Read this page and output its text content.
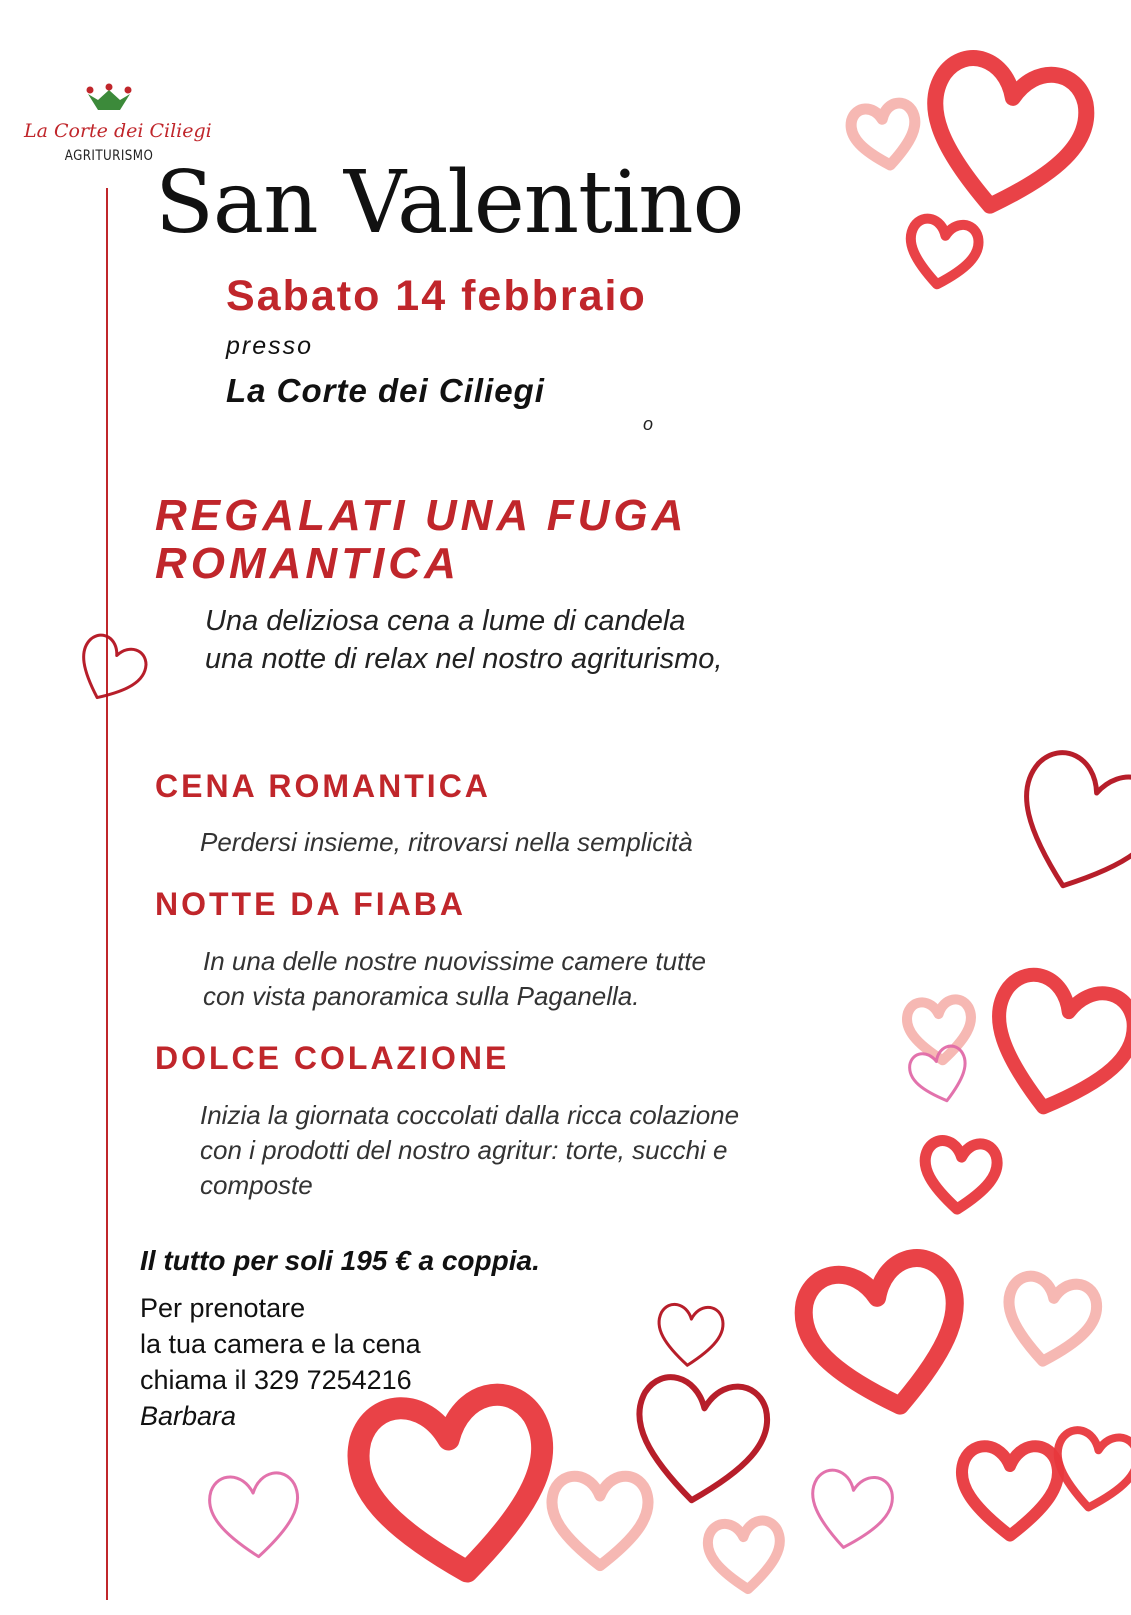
La Corte dei Ciliegi
AGRITURISMO San Valentino
Sabato 14 febbraio
presso
La Corte dei Ciliegi
o
REGALATI UNA FUGA
ROMANTICA
Una deliziosa cena a lume di candela
una notte di relax nel nostro agriturismo,
CENA ROMANTICA
Perdersi insieme, ritrovarsi nella semplicità
NOTTE DA FIABA
In una delle nostre nuovissime camere tutte
con vista panoramica sulla Paganella.
DOLCE COLAZIONE
Inizia la giornata coccolati dalla ricca colazione
con i prodotti del nostro agritur: torte, succhi e
composte
Il tutto per soli 195 € a coppia.
Per prenotare
la tua camera e la cena
chiama il 329 7254216
Barbara
